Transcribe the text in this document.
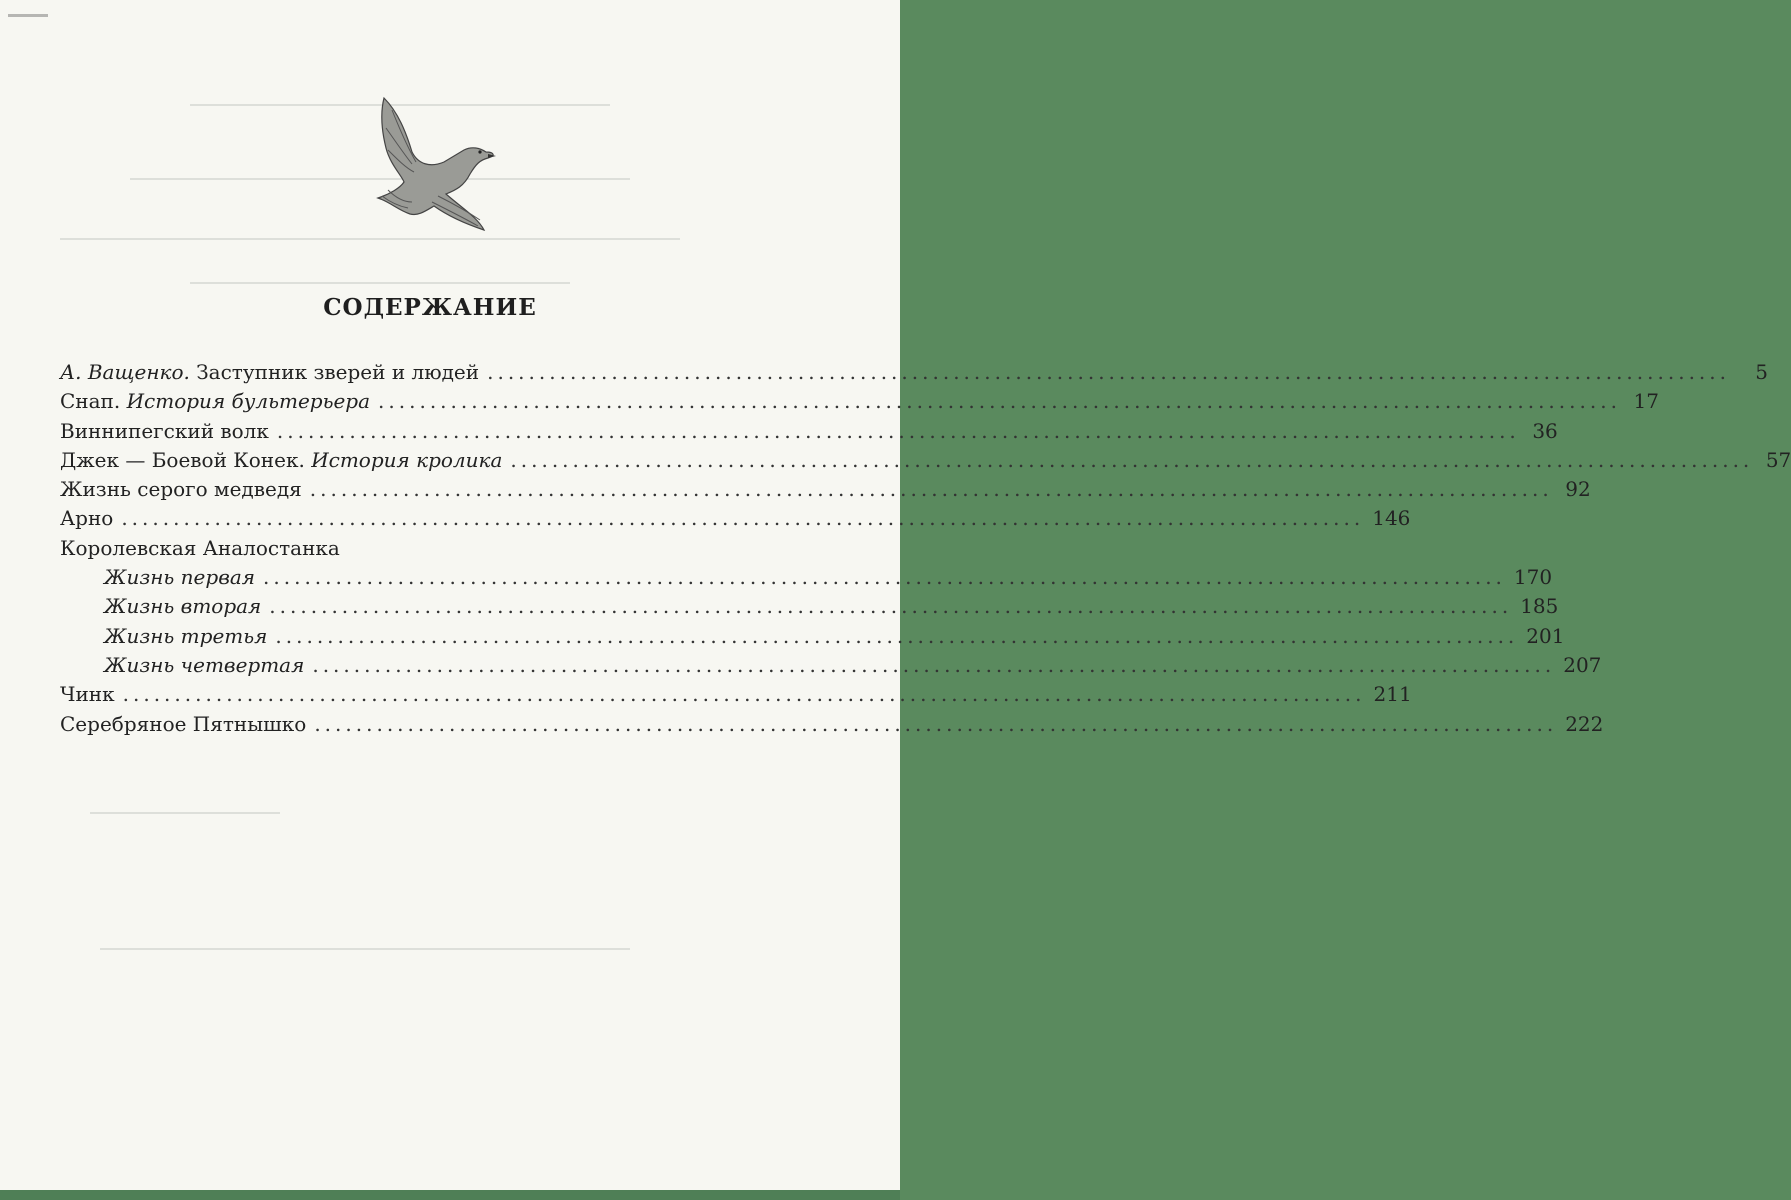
СОДЕРЖАНИЕ
А. Ващенко. Заступник зверей и людей ........................................................................................................................	5
Снап. История бультерьера ........................................................................................................................ 17
Виннипегский волк ........................................................................................................................ 36
Джек — Боевой Конек. История кролика ........................................................................................................................ 57
Жизнь серого медведя ........................................................................................................................ 92
Арно ........................................................................................................................ 146
Королевская Аналостанка
Жизнь первая ........................................................................................................................ 170
Жизнь вторая ........................................................................................................................ 185
Жизнь третья ........................................................................................................................ 201
Жизнь четвертая ........................................................................................................................ 207
Чинк ........................................................................................................................ 211
Серебряное Пятнышко ........................................................................................................................ 222
